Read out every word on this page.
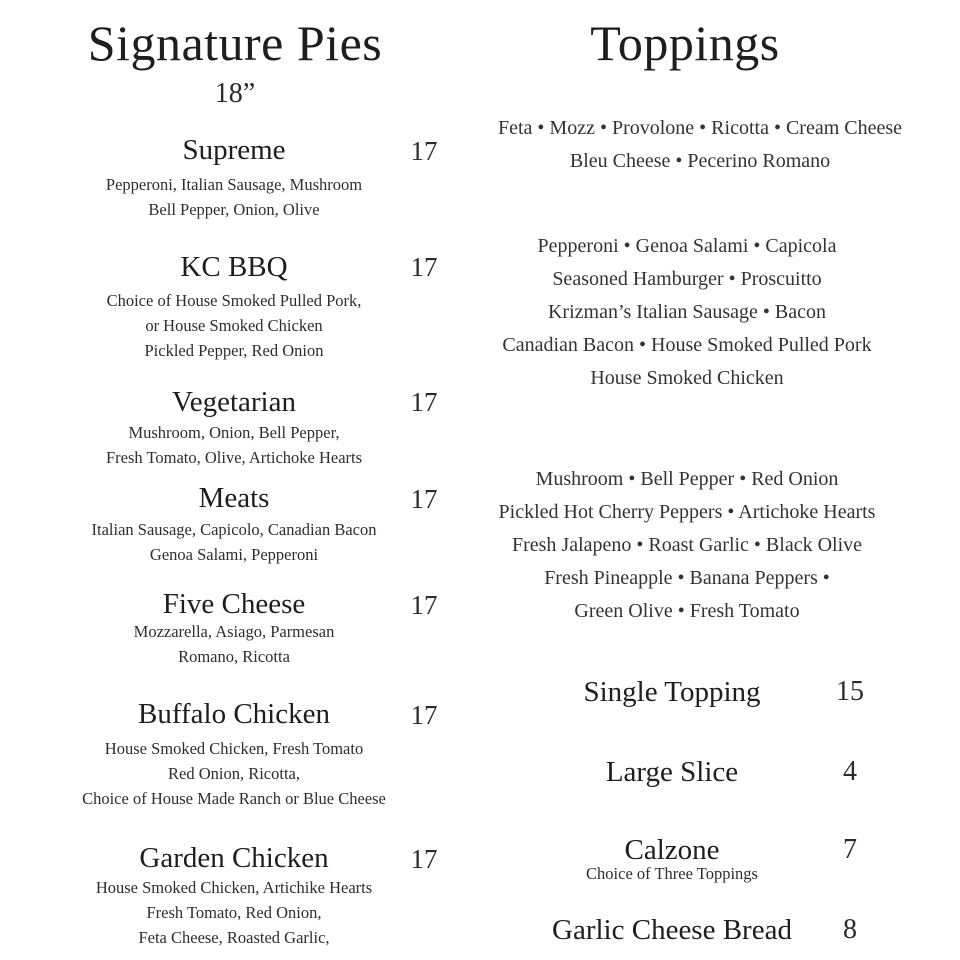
Signature Pies
18”
Supreme	17
Pepperoni, Italian Sausage, Mushroom
Bell Pepper, Onion, Olive
KC BBQ	17
Choice of House Smoked Pulled Pork,
or House Smoked Chicken
Pickled Pepper, Red Onion
Vegetarian	17
Mushroom, Onion, Bell Pepper,
Fresh Tomato, Olive, Artichoke Hearts
Meats	17
Italian Sausage, Capicolo, Canadian Bacon
Genoa Salami, Pepperoni
Five Cheese	17
Mozzarella, Asiago, Parmesan
Romano, Ricotta
Buffalo Chicken	17
House Smoked Chicken, Fresh Tomato
Red Onion, Ricotta,
Choice of House Made Ranch or Blue Cheese
Garden Chicken	17
House Smoked Chicken, Artichike Hearts
Fresh Tomato, Red Onion,
Feta Cheese, Roasted Garlic,
Toppings
Feta • Mozz • Provolone • Ricotta • Cream Cheese
Bleu Cheese • Pecerino Romano
Pepperoni • Genoa Salami • Capicola
Seasoned Hamburger • Proscuitto
Krizman’s Italian Sausage • Bacon
Canadian Bacon • House Smoked Pulled Pork
House Smoked Chicken
Mushroom • Bell Pepper • Red Onion
Pickled Hot Cherry Peppers • Artichoke Hearts
Fresh Jalapeno • Roast Garlic • Black Olive
Fresh Pineapple • Banana Peppers •
Green Olive • Fresh Tomato
Single Topping	15
Large Slice	4
Calzone	7
Choice of Three Toppings
Garlic Cheese Bread	8
